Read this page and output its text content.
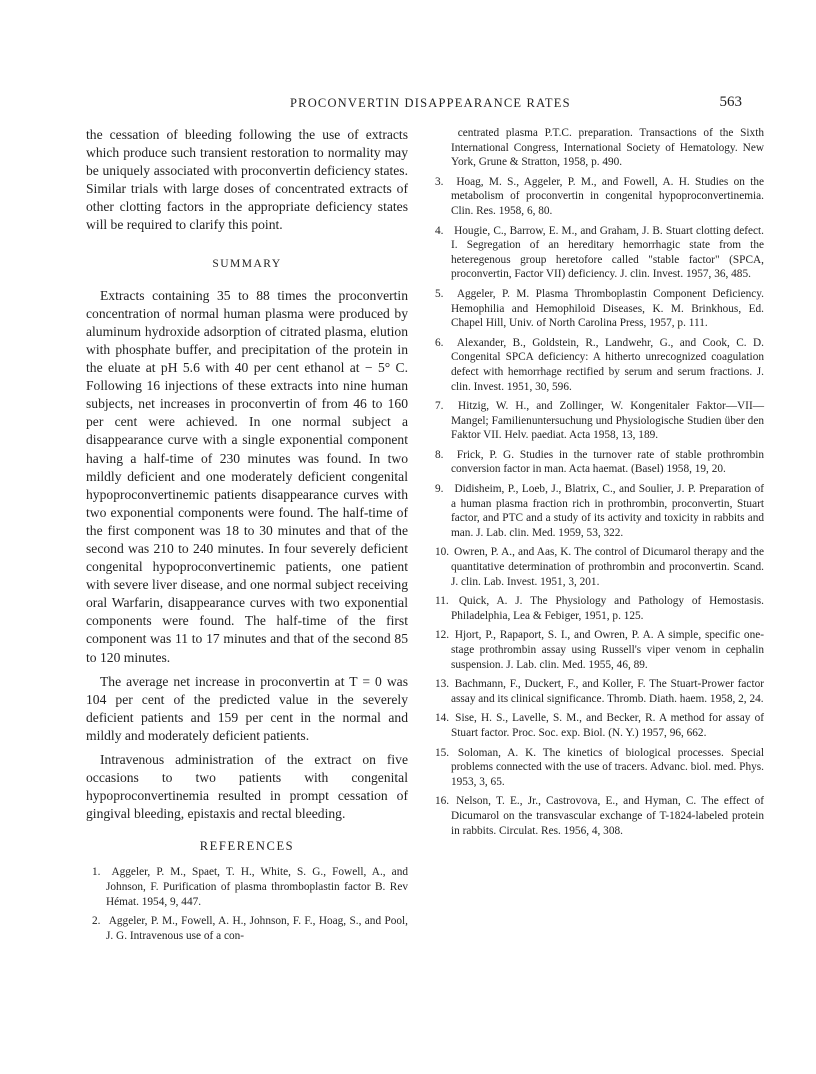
PROCONVERTIN DISAPPEARANCE RATES	563

the cessation of bleeding following the use of extracts which produce such transient restoration to normality may be uniquely associated with proconvertin deficiency states. Similar trials with large doses of concentrated extracts of other clotting factors in the appropriate deficiency states will be required to clarify this point.

SUMMARY

Extracts containing 35 to 88 times the proconvertin concentration of normal human plasma were produced by aluminum hydroxide adsorption of citrated plasma, elution with phosphate buffer, and precipitation of the protein in the eluate at pH 5.6 with 40 per cent ethanol at − 5° C. Following 16 injections of these extracts into nine human subjects, net increases in proconvertin of from 46 to 160 per cent were achieved. In one normal subject a disappearance curve with a single exponential component having a half-time of 230 minutes was found. In two mildly deficient and one moderately deficient congenital hypoproconvertinemic patients disappearance curves with two exponential components were found. The half-time of the first component was 18 to 30 minutes and that of the second was 210 to 240 minutes. In four severely deficient congenital hypoproconvertinemic patients, one patient with severe liver disease, and one normal subject receiving oral Warfarin, disappearance curves with two exponential components were found. The half-time of the first component was 11 to 17 minutes and that of the second 85 to 120 minutes.

The average net increase in proconvertin at T = 0 was 104 per cent of the predicted value in the severely deficient patients and 159 per cent in the normal and mildly and moderately deficient patients.

Intravenous administration of the extract on five occasions to two patients with congenital hypoproconvertinemia resulted in prompt cessation of gingival bleeding, epistaxis and rectal bleeding.

REFERENCES
1. Aggeler, P. M., Spaet, T. H., White, S. G., Fowell, A., and Johnson, F. Purification of plasma thromboplastin factor B. Rev Hémat. 1954, 9, 447.
2. Aggeler, P. M., Fowell, A. H., Johnson, F. F., Hoag, S., and Pool, J. G. Intravenous use of a con-
centrated plasma P.T.C. preparation. Transactions of the Sixth International Congress, International Society of Hematology. New York, Grune & Stratton, 1958, p. 490.
3. Hoag, M. S., Aggeler, P. M., and Fowell, A. H. Studies on the metabolism of proconvertin in congenital hypoproconvertinemia. Clin. Res. 1958, 6, 80.
4. Hougie, C., Barrow, E. M., and Graham, J. B. Stuart clotting defect. I. Segregation of an hereditary hemorrhagic state from the heteregenous group heretofore called "stable factor" (SPCA, proconvertin, Factor VII) deficiency. J. clin. Invest. 1957, 36, 485.
5. Aggeler, P. M. Plasma Thromboplastin Component Deficiency. Hemophilia and Hemophiloid Diseases, K. M. Brinkhous, Ed. Chapel Hill, Univ. of North Carolina Press, 1957, p. 111.
6. Alexander, B., Goldstein, R., Landwehr, G., and Cook, C. D. Congenital SPCA deficiency: A hitherto unrecognized coagulation defect with hemorrhage rectified by serum and serum fractions. J. clin. Invest. 1951, 30, 596.
7. Hitzig, W. H., and Zollinger, W. Kongenitaler Faktor—VII—Mangel; Familienuntersuchung und Physiologische Studien über den Faktor VII. Helv. paediat. Acta 1958, 13, 189.
8. Frick, P. G. Studies in the turnover rate of stable prothrombin conversion factor in man. Acta haemat. (Basel) 1958, 19, 20.
9. Didisheim, P., Loeb, J., Blatrix, C., and Soulier, J. P. Preparation of a human plasma fraction rich in prothrombin, proconvertin, Stuart factor, and PTC and a study of its activity and toxicity in rabbits and man. J. Lab. clin. Med. 1959, 53, 322.
10. Owren, P. A., and Aas, K. The control of Dicumarol therapy and the quantitative determination of prothrombin and proconvertin. Scand. J. clin. Lab. Invest. 1951, 3, 201.
11. Quick, A. J. The Physiology and Pathology of Hemostasis. Philadelphia, Lea & Febiger, 1951, p. 125.
12. Hjort, P., Rapaport, S. I., and Owren, P. A. A simple, specific one-stage prothrombin assay using Russell's viper venom in cephalin suspension. J. Lab. clin. Med. 1955, 46, 89.
13. Bachmann, F., Duckert, F., and Koller, F. The Stuart-Prower factor assay and its clinical significance. Thromb. Diath. haem. 1958, 2, 24.
14. Sise, H. S., Lavelle, S. M., and Becker, R. A method for assay of Stuart factor. Proc. Soc. exp. Biol. (N. Y.) 1957, 96, 662.
15. Soloman, A. K. The kinetics of biological processes. Special problems connected with the use of tracers. Advanc. biol. med. Phys. 1953, 3, 65.
16. Nelson, T. E., Jr., Castrovova, E., and Hyman, C. The effect of Dicumarol on the transvascular exchange of T-1824-labeled protein in rabbits. Circulat. Res. 1956, 4, 308.
